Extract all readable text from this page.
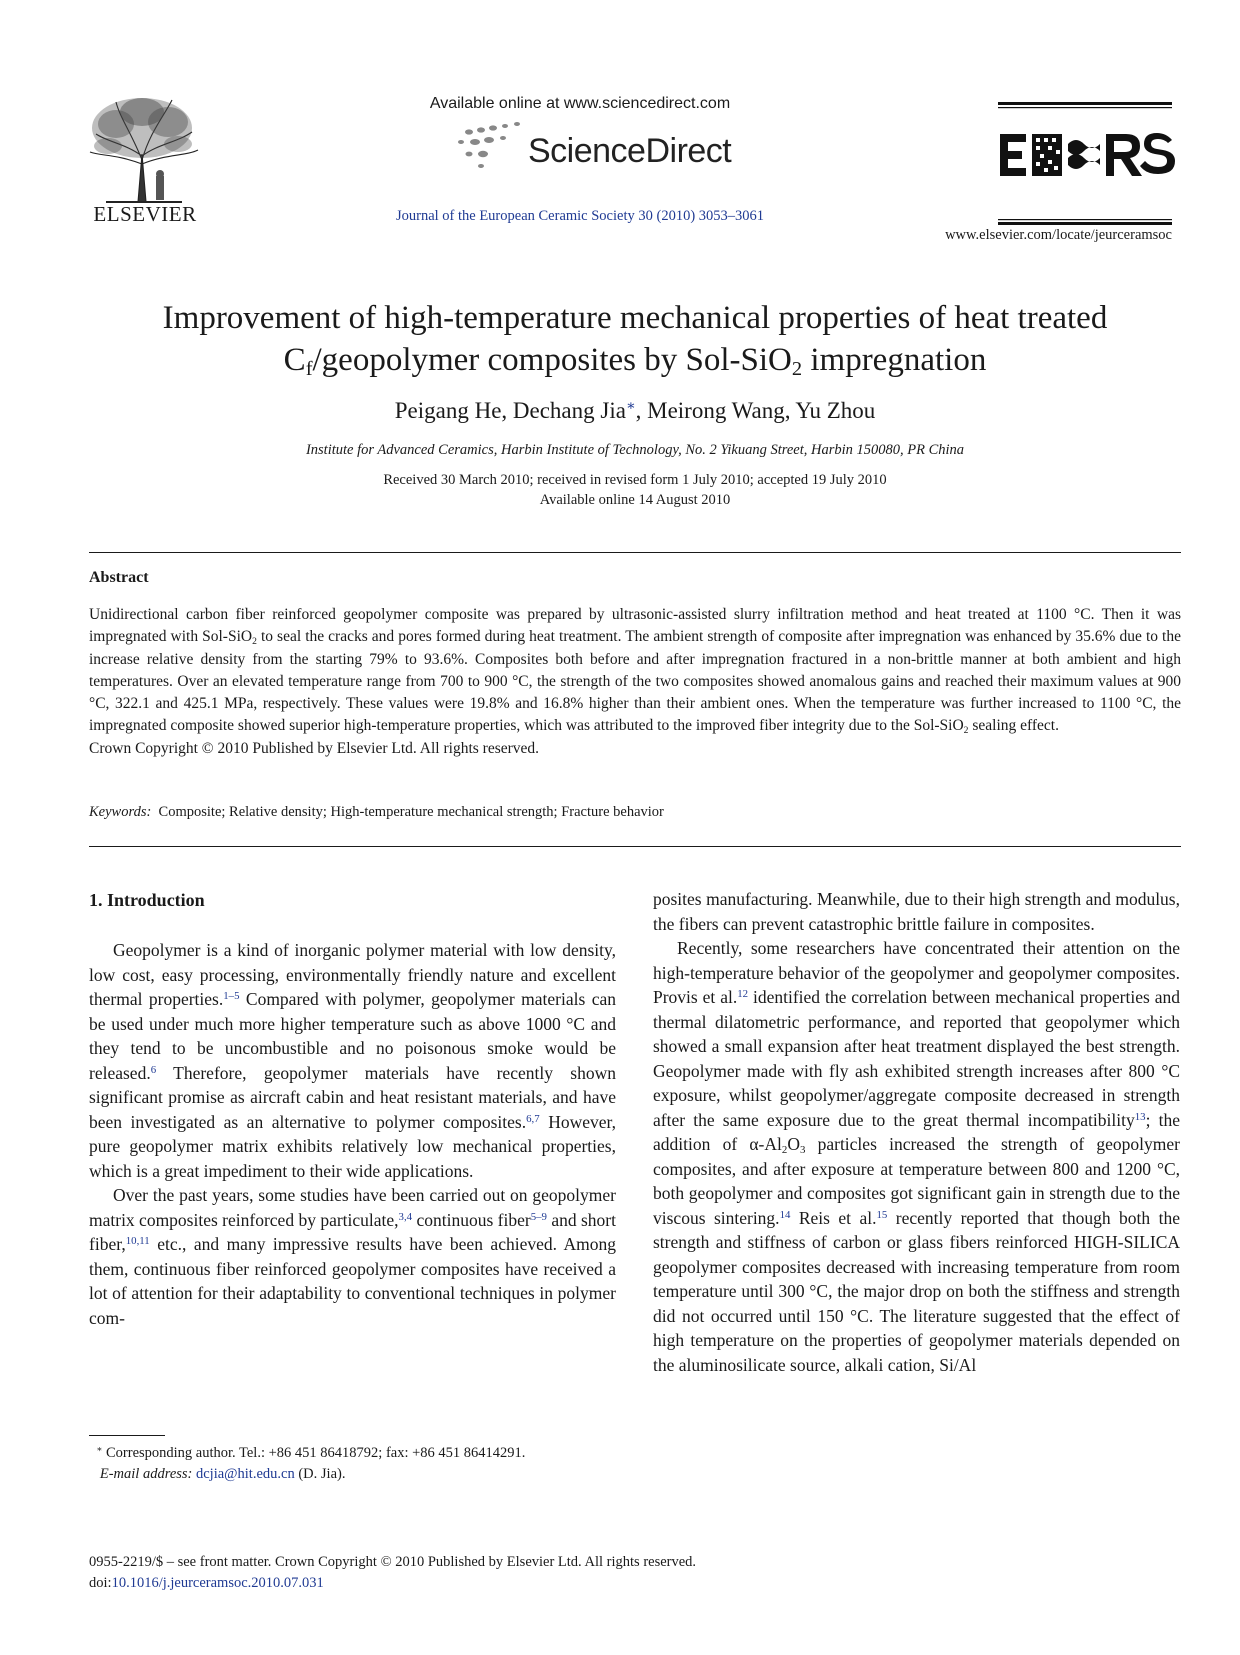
ELSEVIER
Available online at www.sciencedirect.com
ScienceDirect
Journal of the European Ceramic Society 30 (2010) 3053–3061
www.elsevier.com/locate/jeurceramsoc
Improvement of high-temperature mechanical properties of heat treated
$C_f$/geopolymer composites by Sol-SiO$_2$ impregnation
Peigang He, Dechang Jia∗, Meirong Wang, Yu Zhou
Institute for Advanced Ceramics, Harbin Institute of Technology, No. 2 Yikuang Street, Harbin 150080, PR China
Received 30 March 2010; received in revised form 1 July 2010; accepted 19 July 2010
Available online 14 August 2010
Abstract

Unidirectional carbon fiber reinforced geopolymer composite was prepared by ultrasonic-assisted slurry infiltration method and heat treated at 1100 °C. Then it was impregnated with Sol-SiO$_2$ to seal the cracks and pores formed during heat treatment. The ambient strength of composite after impregnation was enhanced by 35.6% due to the increase relative density from the starting 79% to 93.6%. Composites both before and after impregnation fractured in a non-brittle manner at both ambient and high temperatures. Over an elevated temperature range from 700 to 900 °C, the strength of the two composites showed anomalous gains and reached their maximum values at 900 °C, 322.1 and 425.1 MPa, respectively. These values were 19.8% and 16.8% higher than their ambient ones. When the temperature was further increased to 1100 °C, the impregnated composite showed superior high-temperature properties, which was attributed to the improved fiber integrity due to the Sol-SiO$_2$ sealing effect.

Crown Copyright © 2010 Published by Elsevier Ltd. All rights reserved.

Keywords: Composite; Relative density; High-temperature mechanical strength; Fracture behavior
1. Introduction

Geopolymer is a kind of inorganic polymer material with low density, low cost, easy processing, environmentally friendly nature and excellent thermal properties.$^{1-5}$ Compared with polymer, geopolymer materials can be used under much more higher temperature such as above 1000 °C and they tend to be uncombustible and no poisonous smoke would be released.$^6$ Therefore, geopolymer materials have recently shown significant promise as aircraft cabin and heat resistant materials, and have been investigated as an alternative to polymer composites.$^{6,7}$ However, pure geopolymer matrix exhibits relatively low mechanical properties, which is a great impediment to their wide applications.

Over the past years, some studies have been carried out on geopolymer matrix composites reinforced by particulate,$^{3,4}$ continuous fiber$^{5-9}$ and short fiber,$^{10,11}$ etc., and many impressive results have been achieved. Among them, continuous fiber reinforced geopolymer composites have received a lot of attention for their adaptability to conventional techniques in polymer com-

posites manufacturing. Meanwhile, due to their high strength and modulus, the fibers can prevent catastrophic brittle failure in composites.

Recently, some researchers have concentrated their attention on the high-temperature behavior of the geopolymer and geopolymer composites. Provis et al.$^{12}$ identified the correlation between mechanical properties and thermal dilatometric performance, and reported that geopolymer which showed a small expansion after heat treatment displayed the best strength. Geopolymer made with fly ash exhibited strength increases after 800 °C exposure, whilst geopolymer/aggregate composite decreased in strength after the same exposure due to the great thermal incompatibility$^{13}$; the addition of $\alpha-Al_2O_3$ particles increased the strength of geopolymer composites, and after exposure at temperature between 800 and 1200 °C, both geopolymer and composites got significant gain in strength due to the viscous sintering.$^{14}$ Reis et al.$^{15}$ recently reported that though both the strength and stiffness of carbon or glass fibers reinforced HIGH-SILICA geopolymer composites decreased with increasing temperature from room temperature until 300 °C, the major drop on both the stiffness and strength did not occurred until 150 °C. The literature suggested that the effect of high temperature on the properties of geopolymer materials depended on the aluminosilicate source, alkali cation, Si/Al

∗ Corresponding author. Tel.: +86 451 86418792; fax: +86 451 86414291.
E-mail address: dcjia@hit.edu.cn (D. Jia).
0955-2219/$ – see front matter. Crown Copyright © 2010 Published by Elsevier Ltd. All rights reserved.
doi:10.1016/j.jeurceramsoc.2010.07.031
